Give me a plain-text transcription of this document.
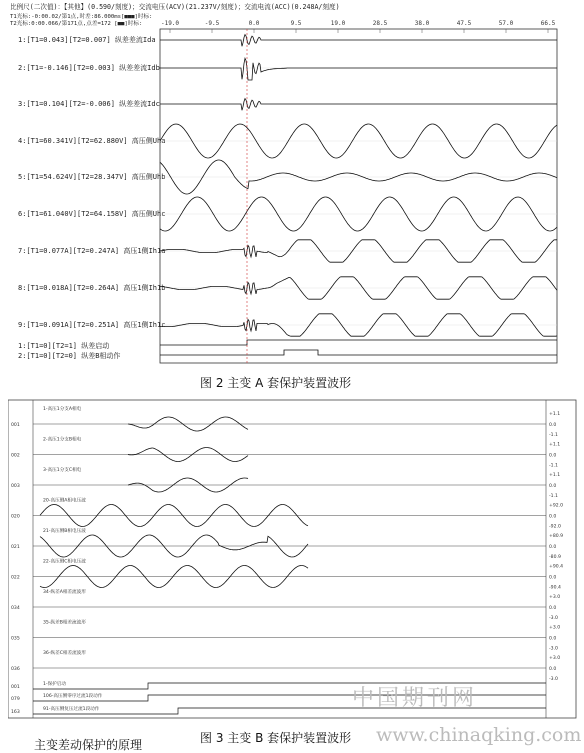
比例尺(二次值)：【其他】(0.590/刻度)；交流电压(ACV)(21.237V/刻度)；交流电流(ACC)(0.248A/刻度)
T1光标:-0:00.02/第1点,时差:86.000ms[■■■]时标:
T2光标:0:00.066/第171点,点差=172 [■■]时标:	-19.0	-9.5	0.0	9.5	19.0	28.5	38.0	47.5	57.0	66.5
1:[T1=0.043][T2=0.007] 纵差差流Ida
2:[T1=-0.146][T2=0.003] 纵差差流Idb
3:[T1=0.104][T2=-0.006] 纵差差流Idc
4:[T1=60.341V][T2=62.880V] 高压侧Uha
5:[T1=54.624V][T2=28.347V] 高压侧Uhb
6:[T1=61.040V][T2=64.158V] 高压侧Uhc
7:[T1=0.077A][T2=0.247A] 高压1侧Ih1a
8:[T1=0.018A][T2=0.264A] 高压1侧Ih1b
9:[T1=0.091A][T2=0.251A] 高压1侧Ih1c
1:[T1=0][T2=1] 纵差启动
2:[T1=0][T2=0] 纵差B相动作
图 2 主变 A 套保护装置波形
001
1-高压1分支A相电
+1.1
0.0
-1.1
002
2-高压1分支B相电
+1.1
0.0
-1.1
003
3-高压1分支C相电
+1.1
0.0
-1.1
020
20-高压侧A相电压波
+92.0
0.0
-92.0
021
21-高压侧B相电压波
+80.9
0.0
-80.9
022
22-高压侧C相电压波
+90.4
0.0
-90.4
034
34-纵差A相差流波形
+3.0
0.0
-3.0
035
35-纵差B相差流波形
+3.0
0.0
-3.0
036
36-纵差C相差流波形
+3.0
0.0
-3.0
001
1-保护启动
079
106-高压侧零序过流1段动作
163
91-高压侧复压过流1段动作
图 3 主变 B 套保护装置波形
中国期刊网
www.chinaqking.com
主变差动保护的原理
